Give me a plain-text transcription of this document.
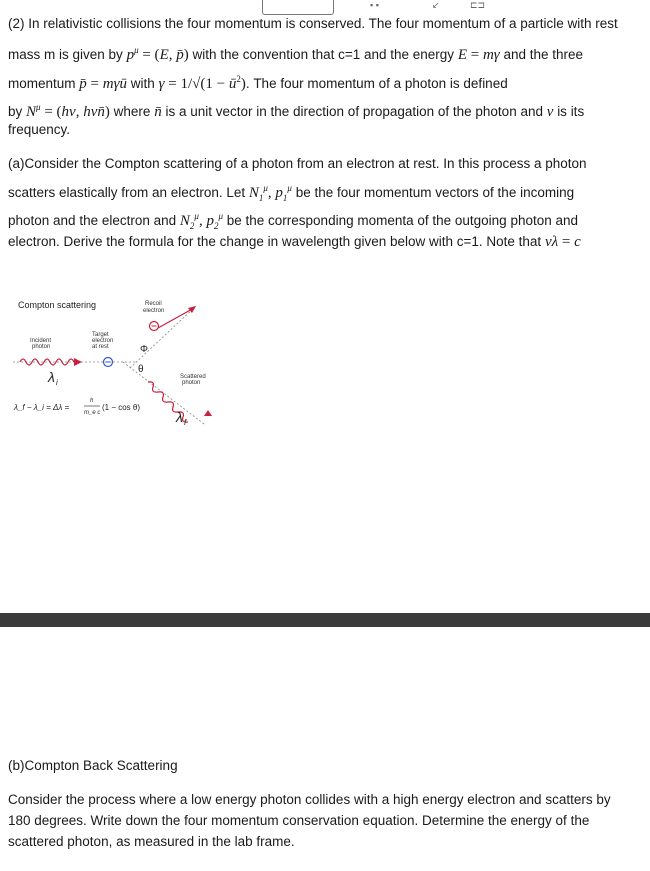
▪ ▪	↙	⊏⊐
(2) In relativistic collisions the four momentum is conserved. The four momentum of a particle with rest
mass m is given by $p^\mu = (E$, p̄) with the convention that c=1 and the energy E = mγ and the three
momentum p̄ = mγū with $\gamma = 1/√(1 - ū^2)$. The four momentum of a photon is defined
by $N^\mu = (h\nu$, hνn̄) where n̄ is a unit vector in the direction of propagation of the photon and ν is its
frequency.
(a)Consider the Compton scattering of a photon from an electron at rest. In this process a photon
scatters elastically from an electron. Let $N_1^\mu$, $p_1^\mu$ be the four momentum vectors of the incoming
photon and the electron and $N_2^\mu$, $p_2^\mu$ be the corresponding momenta of the outgoing photon and
electron. Derive the formula for the change in wavelength given below with c=1. Note that νλ = c
Compton scattering	Recoil
electron
Incident
photon
Target
electron
at rest	Φ
θ
Scattered
photon
λ i
λ f
λ_f − λ_i = Δλ =
h
m_e c
(1 − cos θ)
(b)Compton Back Scattering
Consider the process where a low energy photon collides with a high energy electron and scatters by
180 degrees. Write down the four momentum conservation equation. Determine the energy of the
scattered photon, as measured in the lab frame.
